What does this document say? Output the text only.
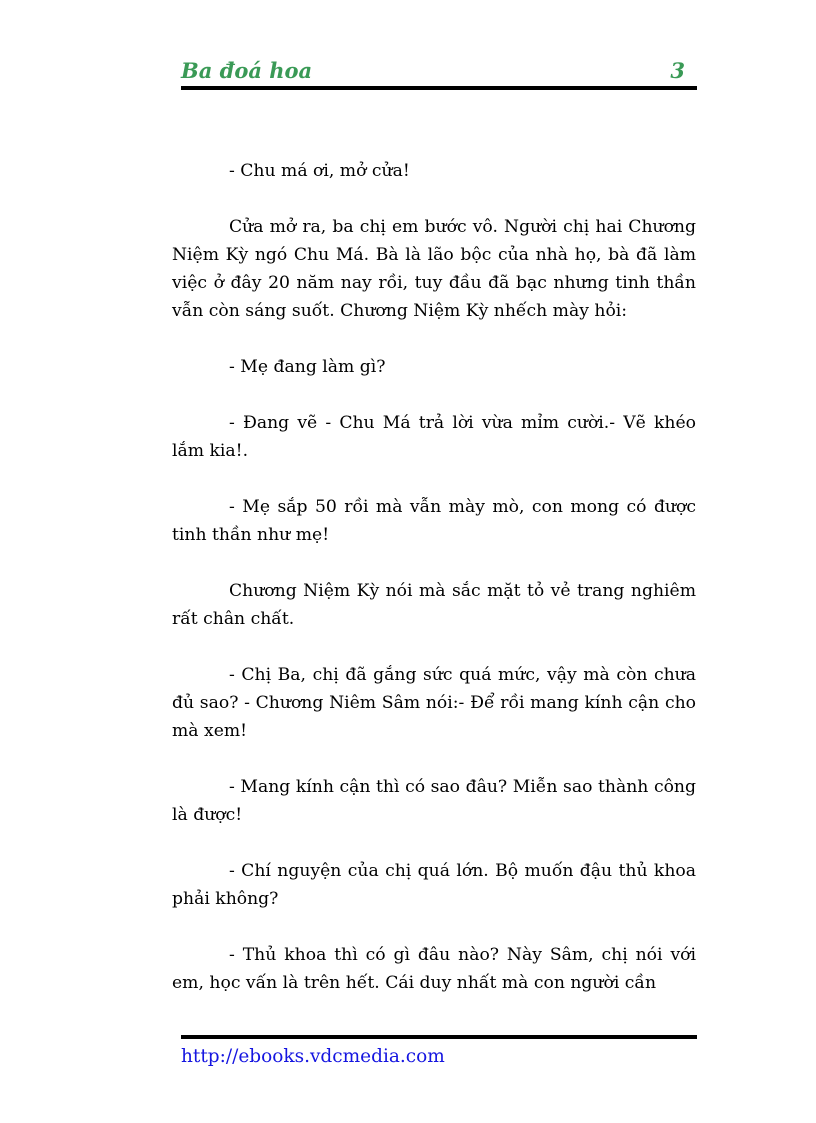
Ba đoá hoa	3

- Chu má ơi, mở cửa!

Cửa mở ra, ba chị em bước vô. Người chị hai Chương Niệm Kỳ ngó Chu Má. Bà là lão bộc của nhà họ, bà đã làm việc ở đây 20 năm nay rồi, tuy đầu đã bạc nhưng tinh thần vẫn còn sáng suốt. Chương Niệm Kỳ nhếch mày hỏi:

- Mẹ đang làm gì?

- Đang vẽ - Chu Má trả lời vừa mỉm cười.- Vẽ khéo lắm kia!.

- Mẹ sắp 50 rồi mà vẫn mày mò, con mong có được tinh thần như mẹ!

Chương Niệm Kỳ nói mà sắc mặt tỏ vẻ trang nghiêm rất chân chất.

- Chị Ba, chị đã gắng sức quá mức, vậy mà còn chưa đủ sao? - Chương Niêm Sâm nói:- Để rồi mang kính cận cho mà xem!

- Mang kính cận thì có sao đâu? Miễn sao thành công là được!

- Chí nguyện của chị quá lớn. Bộ muốn đậu thủ khoa phải không?

- Thủ khoa thì có gì đâu nào? Này Sâm, chị nói với em, học vấn là trên hết. Cái duy nhất mà con người cần

http://ebooks.vdcmedia.com
